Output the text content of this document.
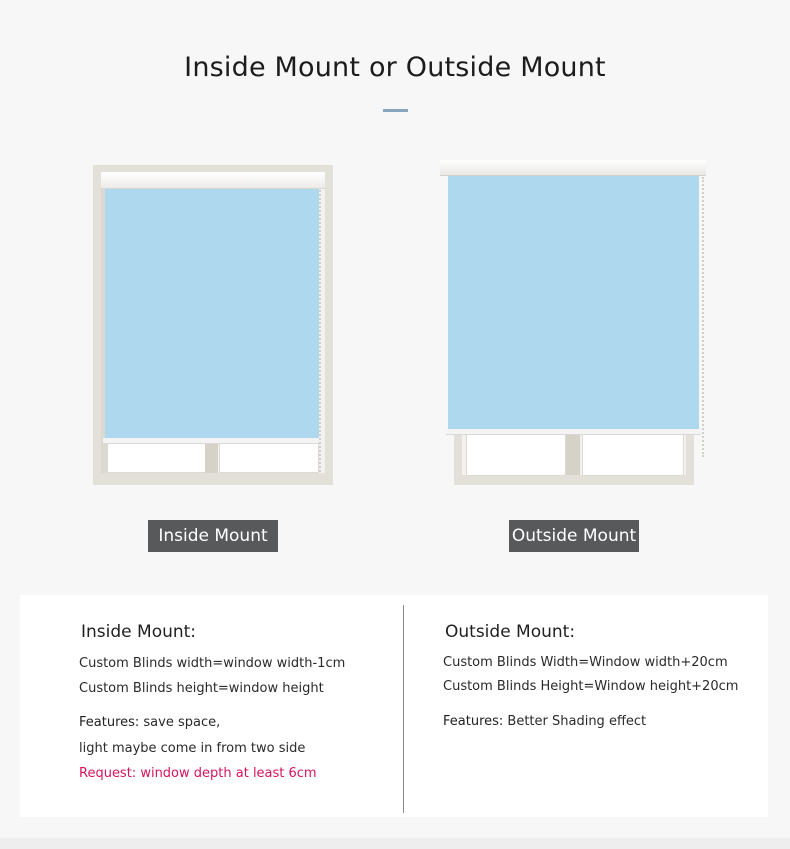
Inside Mount or Outside Mount
Inside Mount	Outside Mount
Inside Mount:
Custom Blinds width=window width-1cm
Custom Blinds height=window height
Features: save space,
light maybe come in from two side
Request: window depth at least 6cm
Outside Mount:
Custom Blinds Width=Window width+20cm
Custom Blinds Height=Window height+20cm
Features: Better Shading effect
